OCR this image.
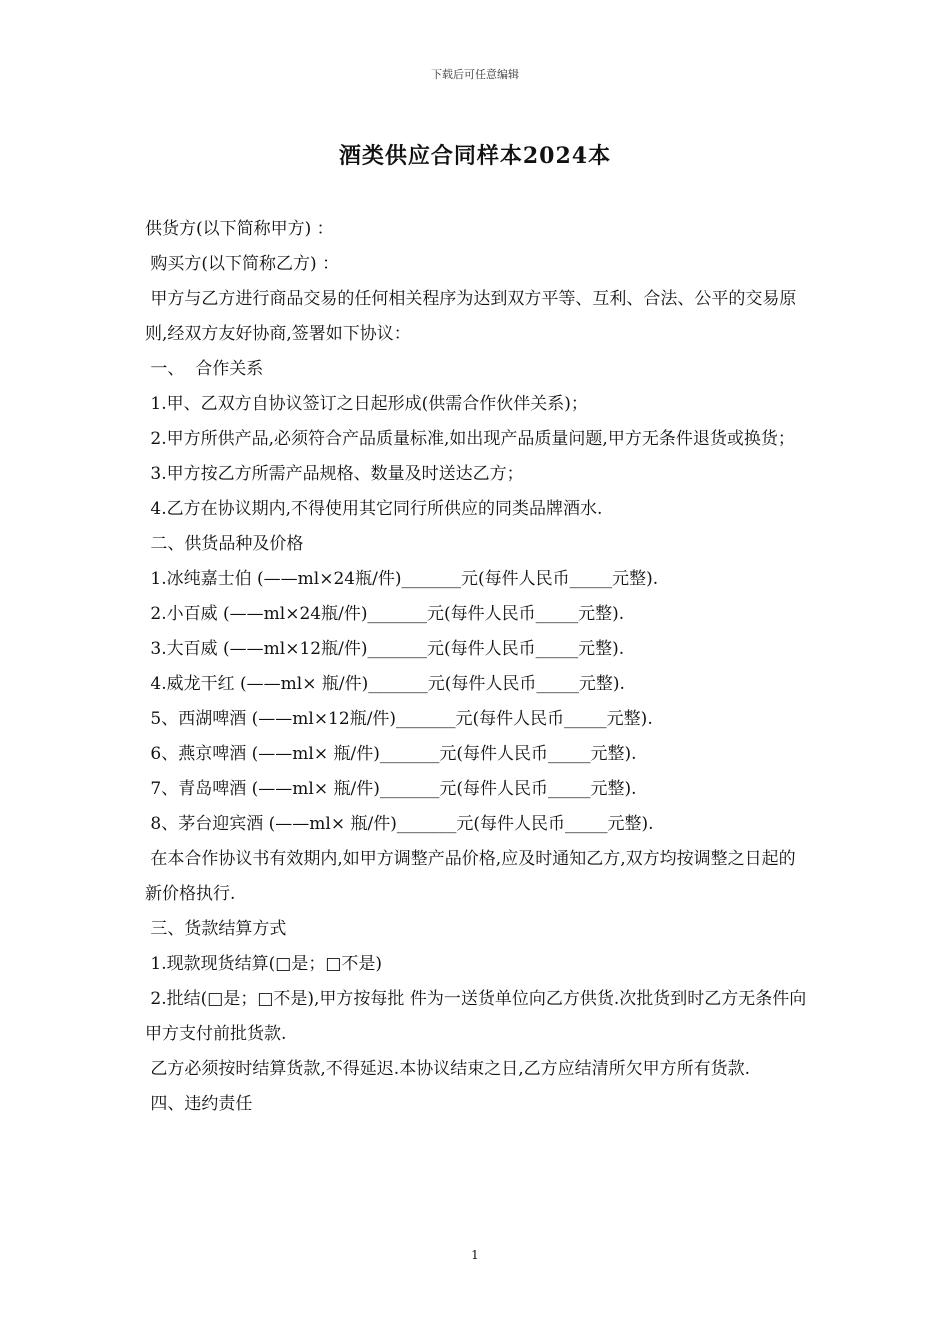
下载后可任意编辑
酒类供应合同样本2024本

供货方(以下简称甲方) ：

购买方(以下简称乙方) ：

甲方与乙方进行商品交易的任何相关程序为达到双方平等、互利、合法、公平的交易原则,经双方友好协商,签署如下协议：

一、  合作关系

1.甲、乙双方自协议签订之日起形成(供需合作伙伴关系)；

2.甲方所供产品,必须符合产品质量标准,如出现产品质量问题,甲方无条件退货或换货；

3.甲方按乙方所需产品规格、数量及时送达乙方；

4.乙方在协议期内,不得使用其它同行所供应的同类品牌酒水.

二、供货品种及价格

1.冰纯嘉士伯 (——ml×24瓶/件)_______元(每件人民币_____元整).

2.小百威 (——ml×24瓶/件)_______元(每件人民币_____元整).

3.大百威 (——ml×12瓶/件)_______元(每件人民币_____元整).

4.威龙干红 (——ml× 瓶/件)_______元(每件人民币_____元整).

5、西湖啤酒 (——ml×12瓶/件)_______元(每件人民币_____元整).

6、燕京啤酒 (——ml× 瓶/件)_______元(每件人民币_____元整).

7、青岛啤酒 (——ml× 瓶/件)_______元(每件人民币_____元整).

8、茅台迎宾酒 (——ml× 瓶/件)_______元(每件人民币_____元整).

在本合作协议书有效期内,如甲方调整产品价格,应及时通知乙方,双方均按调整之日起的新价格执行.

三、货款结算方式

1.现款现货结算(□是；□不是)

2.批结(□是；□不是),甲方按每批 件为一送货单位向乙方供货.次批货到时乙方无条件向甲方支付前批货款.

乙方必须按时结算货款,不得延迟.本协议结束之日,乙方应结清所欠甲方所有货款.

四、违约责任

1
